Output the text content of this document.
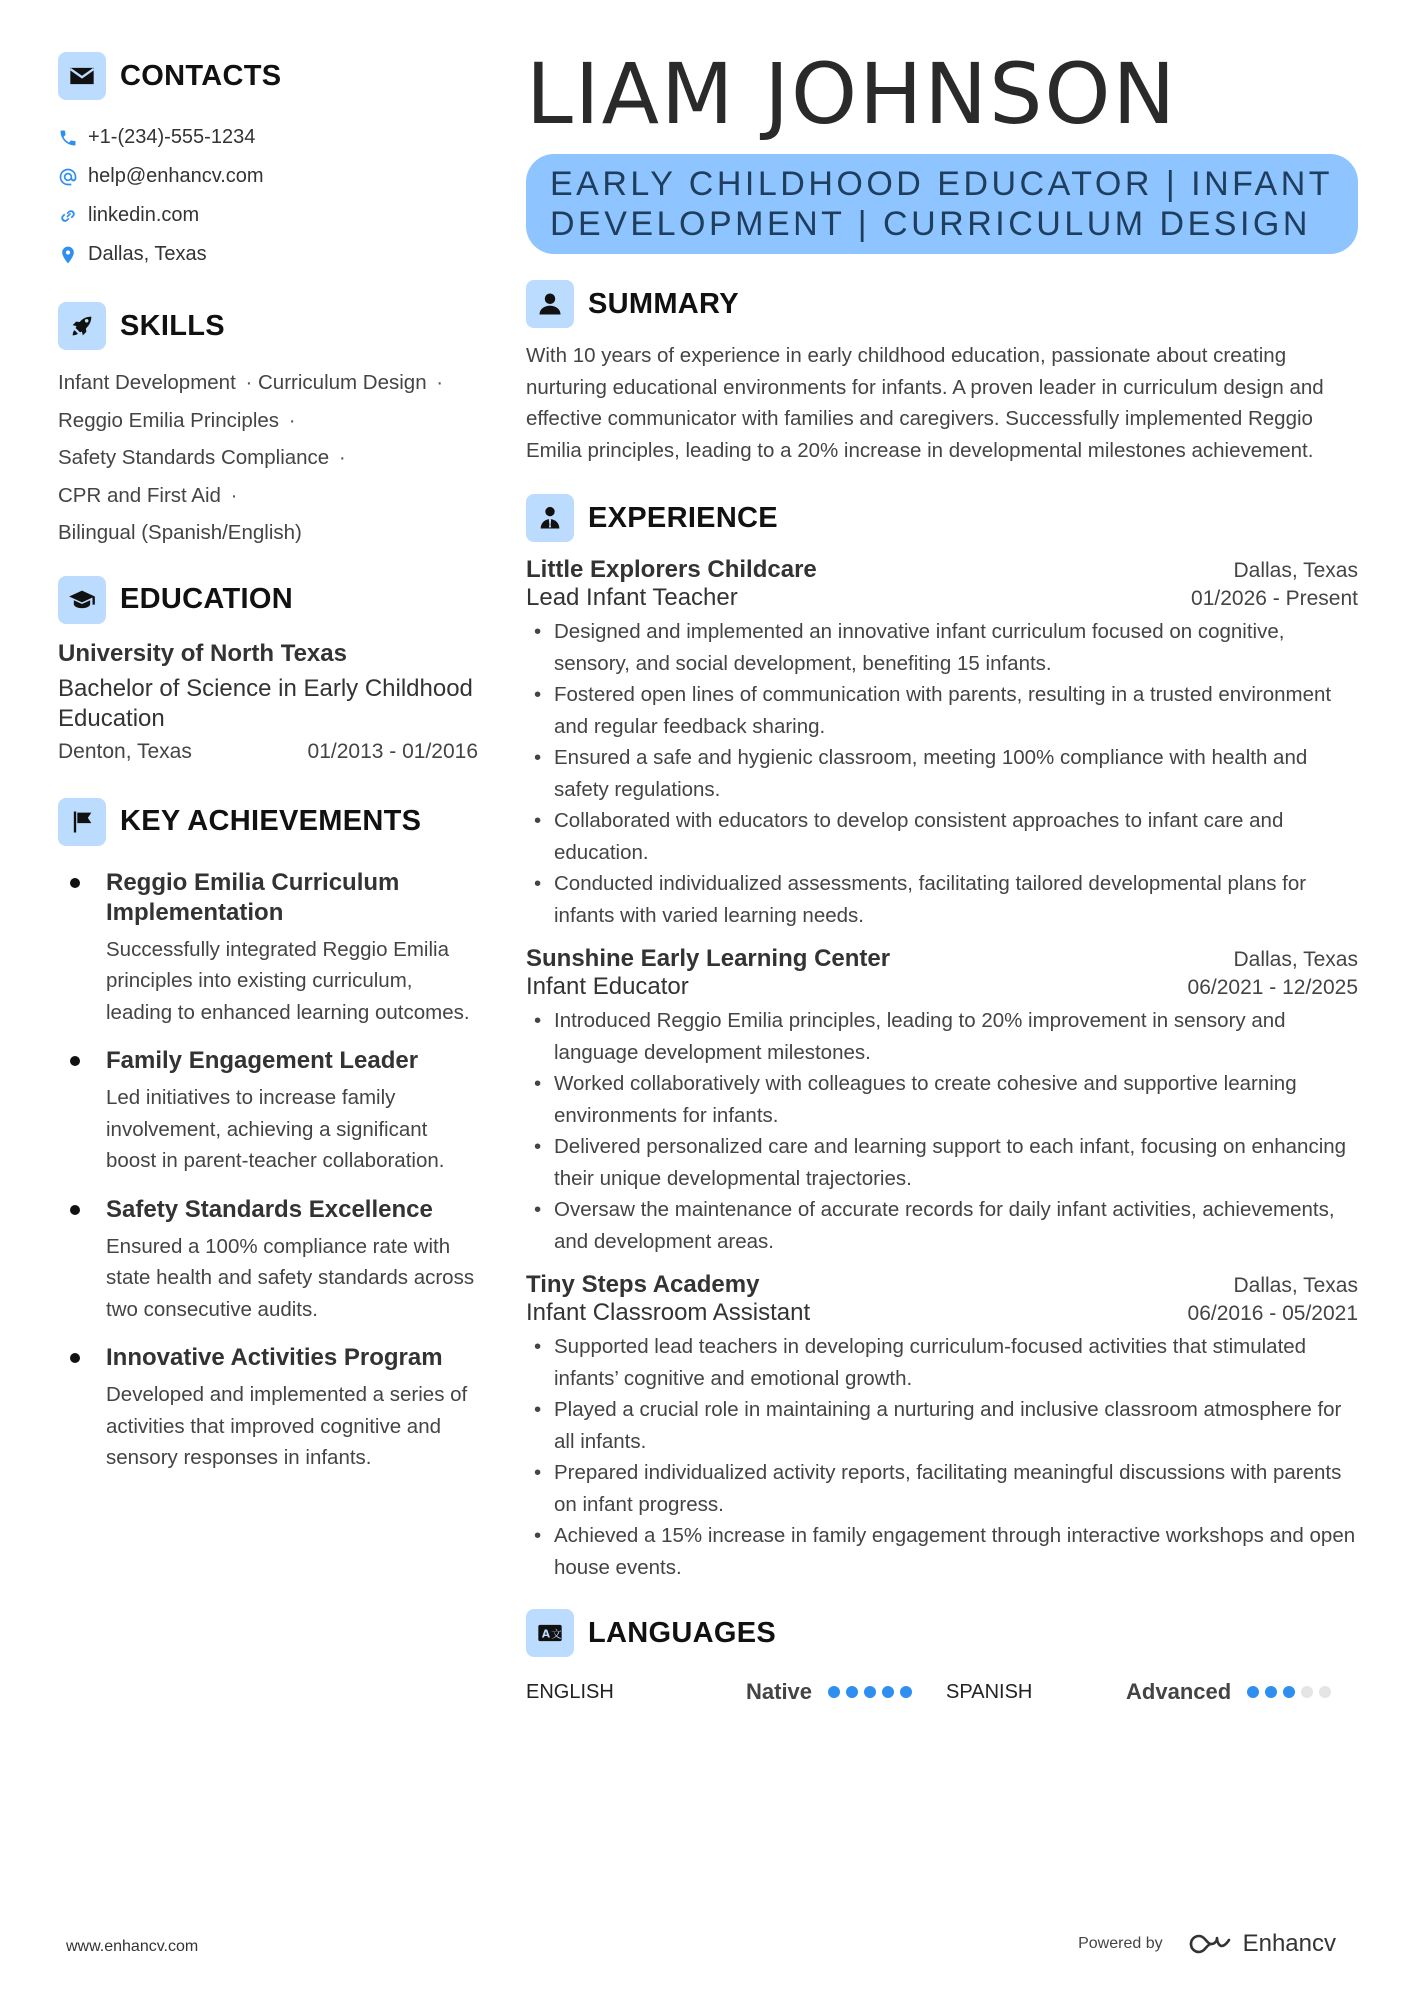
CONTACTS
+1-(234)-555-1234
help@enhancv.com
linkedin.com
Dallas, Texas
SKILLS
Infant Development · Curriculum Design ·
Reggio Emilia Principles ·
Safety Standards Compliance ·
CPR and First Aid ·
Bilingual (Spanish/English)
EDUCATION
University of North Texas
Bachelor of Science in Early Childhood Education
Denton, Texas	01/2013 - 01/2016
KEY ACHIEVEMENTS
Reggio Emilia Curriculum Implementation
Successfully integrated Reggio Emilia principles into existing curriculum, leading to enhanced learning outcomes.
Family Engagement Leader
Led initiatives to increase family involvement, achieving a significant boost in parent-teacher collaboration.
Safety Standards Excellence
Ensured a 100% compliance rate with state health and safety standards across two consecutive audits.
Innovative Activities Program
Developed and implemented a series of activities that improved cognitive and sensory responses in infants.
LIAM JOHNSON
EARLY CHILDHOOD EDUCATOR | INFANT DEVELOPMENT | CURRICULUM DESIGN
SUMMARY
With 10 years of experience in early childhood education, passionate about creating nurturing educational environments for infants. A proven leader in curriculum design and effective communicator with families and caregivers. Successfully implemented Reggio Emilia principles, leading to a 20% increase in developmental milestones achievement.
EXPERIENCE
Little Explorers Childcare	Dallas, Texas
Lead Infant Teacher	01/2026 - Present
• Designed and implemented an innovative infant curriculum focused on cognitive, sensory, and social development, benefiting 15 infants.
• Fostered open lines of communication with parents, resulting in a trusted environment and regular feedback sharing.
• Ensured a safe and hygienic classroom, meeting 100% compliance with health and safety regulations.
• Collaborated with educators to develop consistent approaches to infant care and education.
• Conducted individualized assessments, facilitating tailored developmental plans for infants with varied learning needs.
Sunshine Early Learning Center	Dallas, Texas
Infant Educator	06/2021 - 12/2025
• Introduced Reggio Emilia principles, leading to 20% improvement in sensory and language development milestones.
• Worked collaboratively with colleagues to create cohesive and supportive learning environments for infants.
• Delivered personalized care and learning support to each infant, focusing on enhancing their unique developmental trajectories.
• Oversaw the maintenance of accurate records for daily infant activities, achievements, and development areas.
Tiny Steps Academy	Dallas, Texas
Infant Classroom Assistant	06/2016 - 05/2021
• Supported lead teachers in developing curriculum-focused activities that stimulated infants’ cognitive and emotional growth.
• Played a crucial role in maintaining a nurturing and inclusive classroom atmosphere for all infants.
• Prepared individualized activity reports, facilitating meaningful discussions with parents on infant progress.
• Achieved a 15% increase in family engagement through interactive workshops and open house events.
A 文 LANGUAGES
ENGLISH	Native	SPANISH	Advanced
www.enhancv.com	Powered by	Enhancv
